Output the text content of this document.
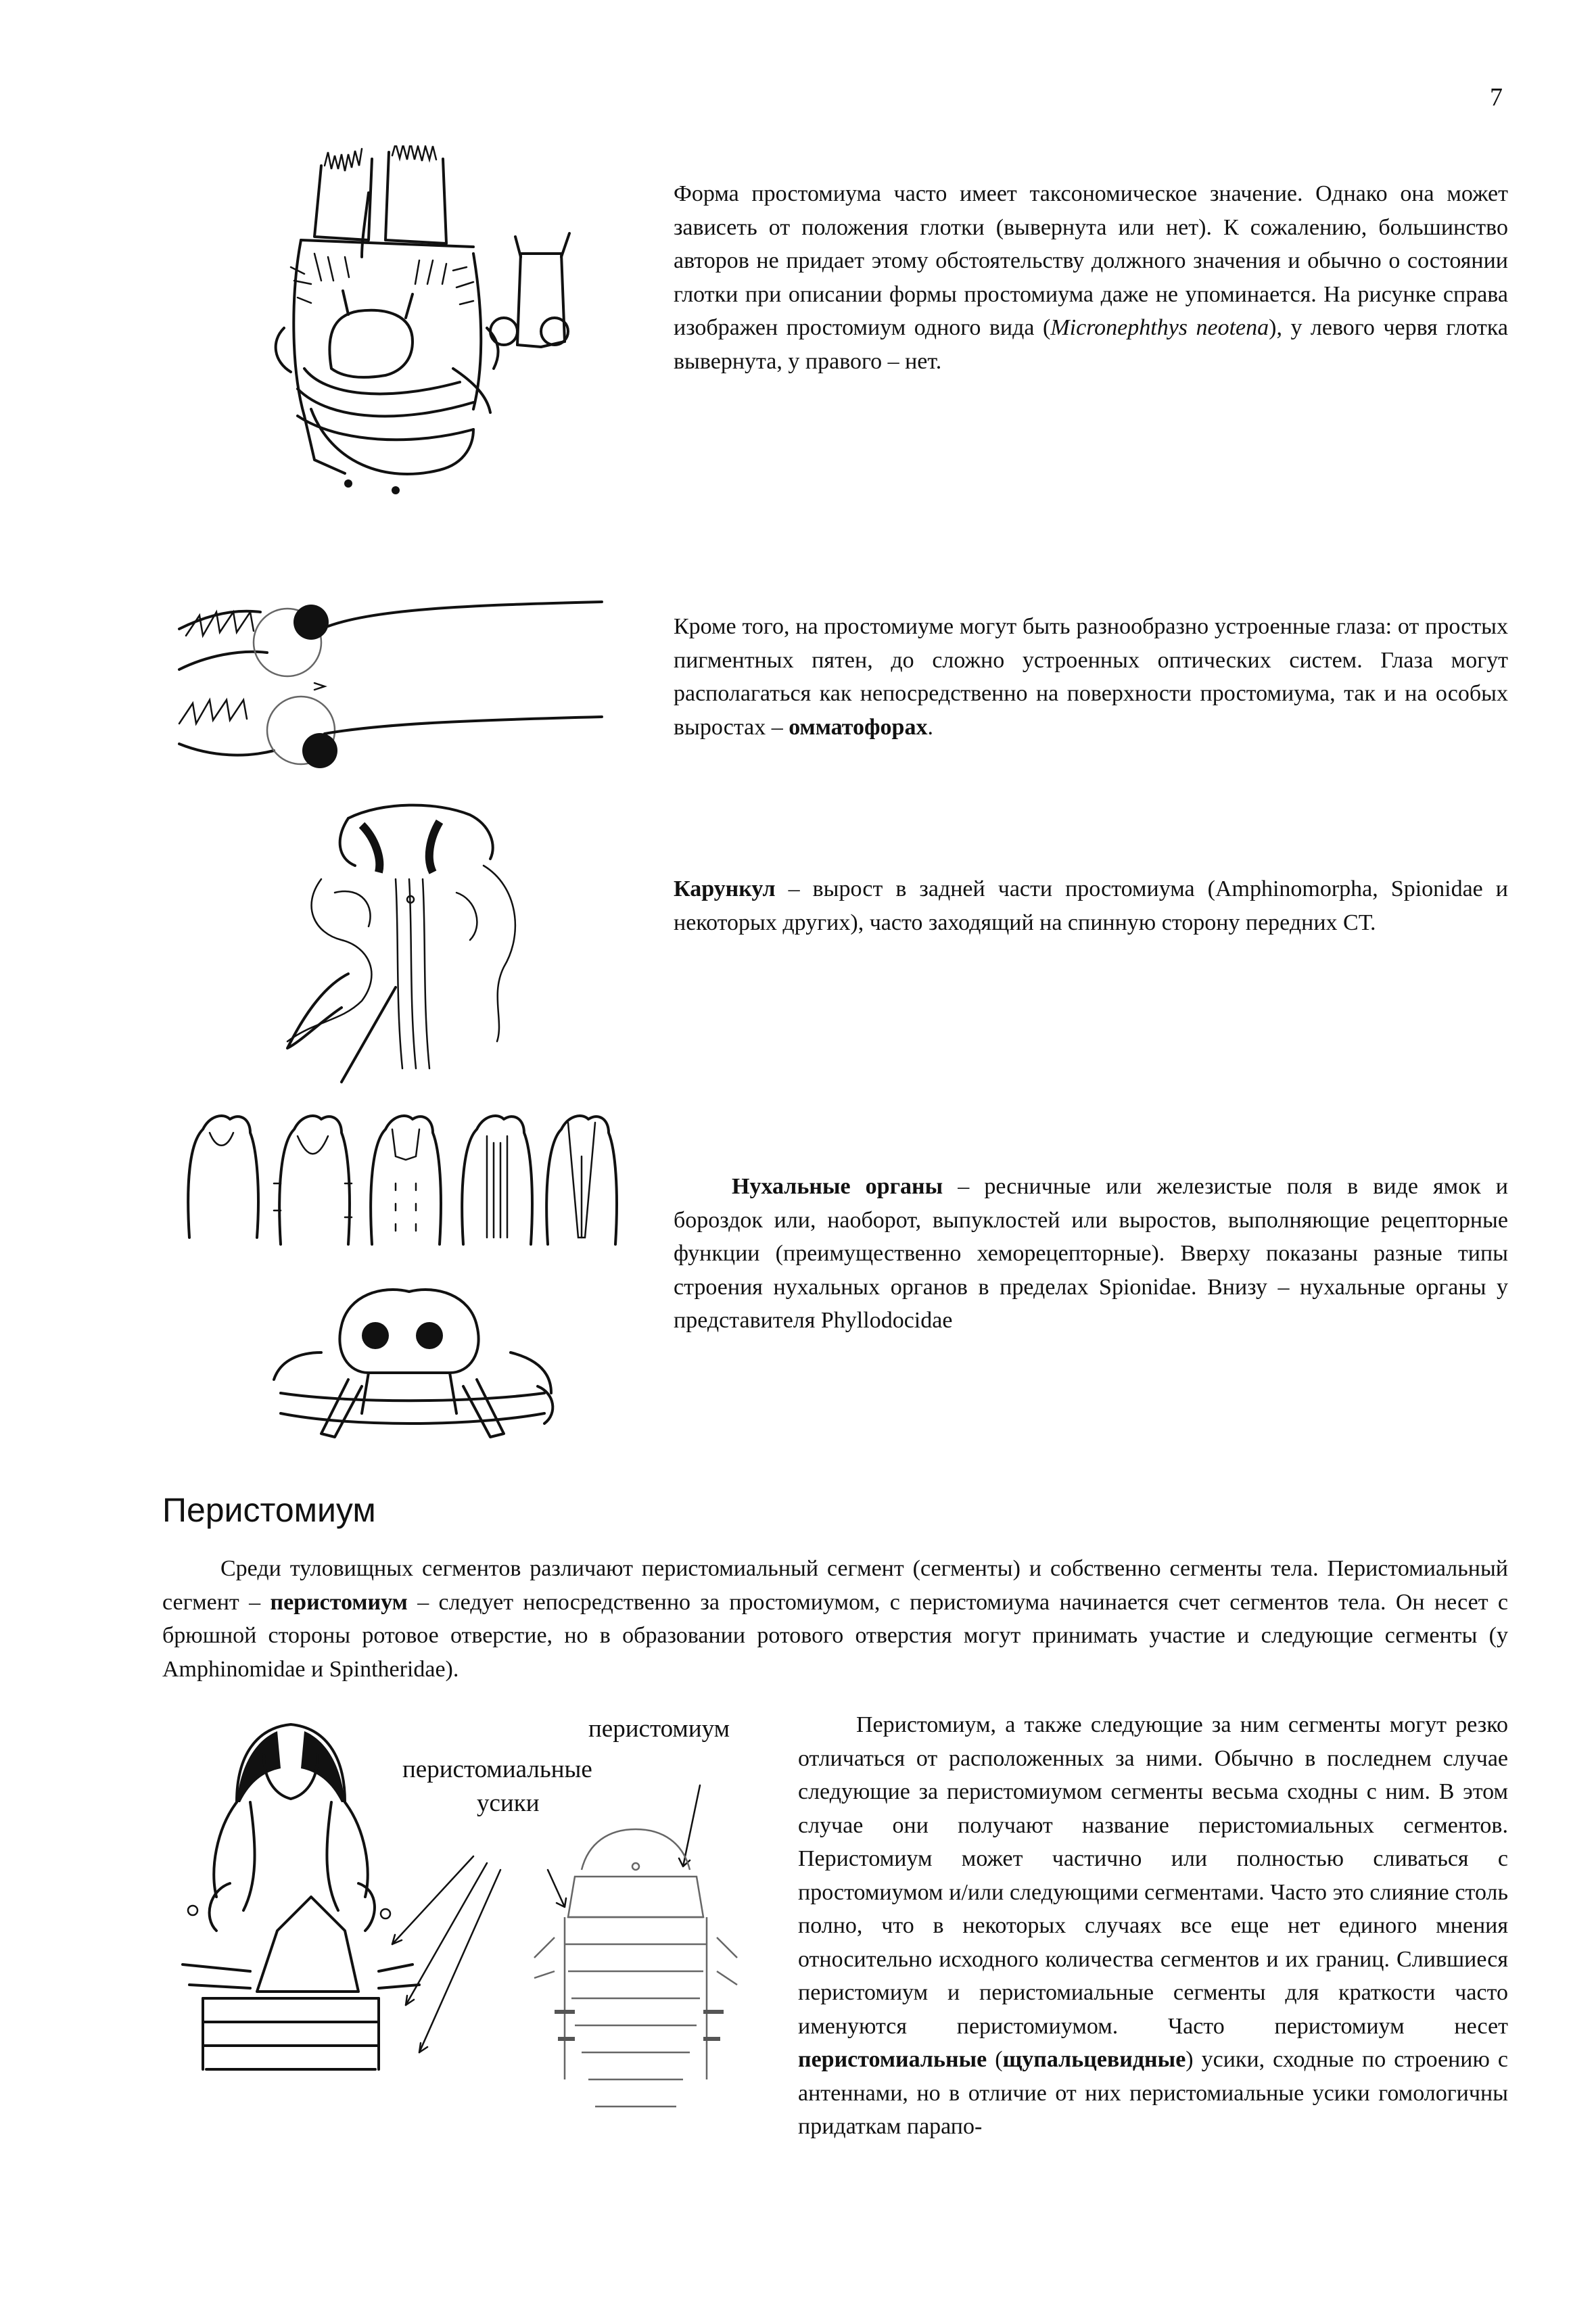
7

Форма простомиума часто имеет таксономическое значение. Однако она может зависеть от положения глотки (вывернута или нет). К сожалению, большинство авторов не придает этому обстоятельству должного значения и обычно о состоянии глотки при описании формы простомиума даже не упоминается. На рисунке справа изображен простомиум одного вида (Micronephthys neotena), у левого червя глотка вывернута, у правого – нет.

Кроме того, на простомиуме могут быть разнообразно устроенные глаза: от простых пигментных пятен, до сложно устроенных оптических систем. Глаза могут располагаться как непосредственно на поверхности простомиума, так и на особых выростах – омматофорах.

Карункул – вырост в задней части простомиума (Amphinomorpha, Spionidae и некоторых других), часто заходящий на спинную сторону передних СТ.

Нухальные органы – ресничные или железистые поля в виде ямок и бороздок или, наоборот, выпуклостей или выростов, выполняющие рецепторные функции (преимущественно хеморецепторные). Вверху показаны разные типы строения нухальных органов в пределах Spionidae. Внизу – нухальные органы у представителя Phyllodocidae

Перистомиум

Среди туловищных сегментов различают перистомиальный сегмент (сегменты) и собственно сегменты тела. Перистомиальный сегмент – перистомиум – следует непосредственно за простомиумом, с перистомиума начинается счет сегментов тела. Он несет с брюшной стороны ротовое отверстие, но в образовании ротового отверстия могут принимать участие и следующие сегменты (у Amphinomidae и Spintheridae).

перистомиум
перистомиальные
усики

Перистомиум, а также следующие за ним сегменты могут резко отличаться от расположенных за ними. Обычно в последнем случае следующие за перистомиумом сегменты весьма сходны с ним. В этом случае они получают название перистомиальных сегментов. Перистомиум может частично или полностью сливаться с простомиумом и/или следующими сегментами. Часто это слияние столь полно, что в некоторых случаях все еще нет единого мнения относительно исходного количества сегментов и их границ. Слившиеся перистомиум и перистомиальные сегменты для краткости часто именуются перистомиумом. Часто перистомиум несет перистомиальные (щупальцевидные) усики, сходные по строению с антеннами, но в отличие от них перистомиальные усики гомологичны придаткам парапо-
